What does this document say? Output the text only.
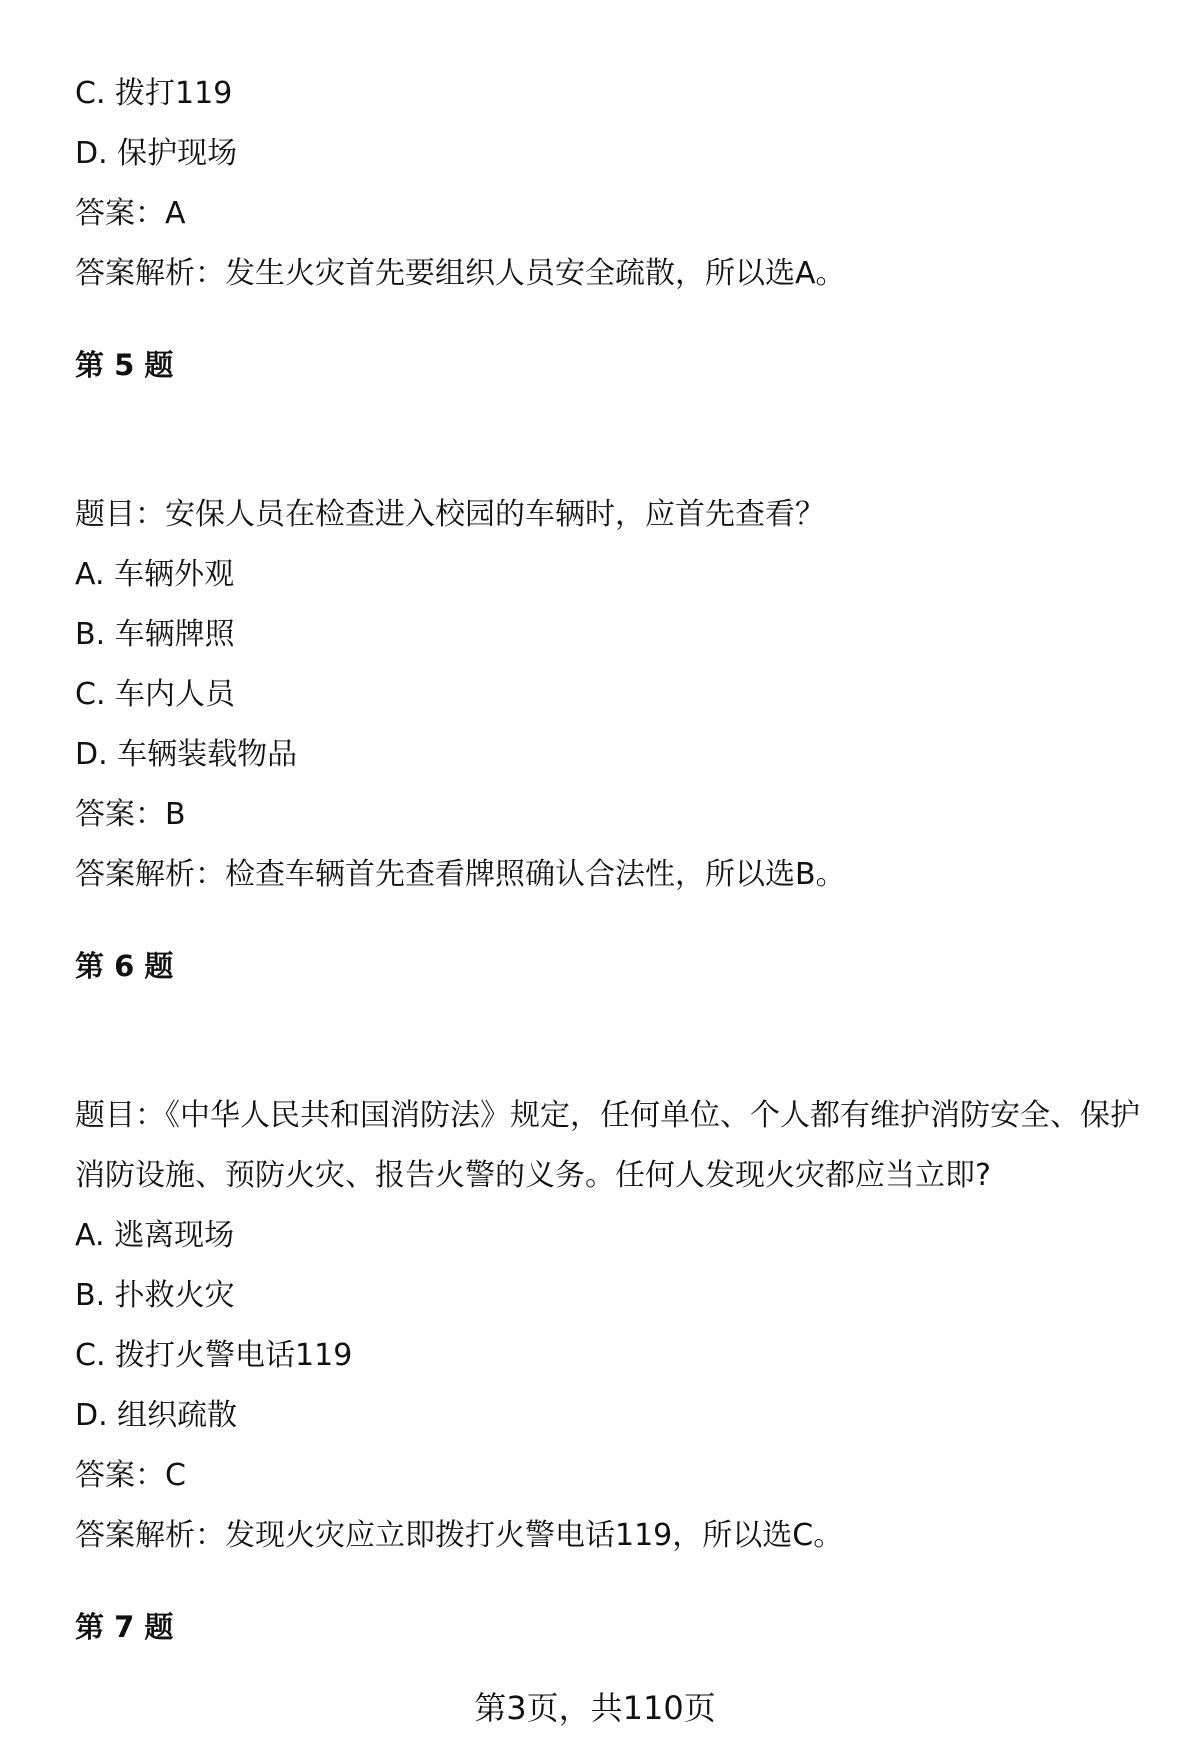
C. 拨打119
D. 保护现场
答案：A
答案解析：发生火灾首先要组织人员安全疏散，所以选A。
第 5 题
题目：安保人员在检查进入校园的车辆时，应首先查看？
A. 车辆外观
B. 车辆牌照
C. 车内人员
D. 车辆装载物品
答案：B
答案解析：检查车辆首先查看牌照确认合法性，所以选B。
第 6 题
题目：《中华人民共和国消防法》规定，任何单位、个人都有维护消防安全、保护
消防设施、预防火灾、报告火警的义务。任何人发现火灾都应当立即?
A. 逃离现场
B. 扑救火灾
C. 拨打火警电话119
D. 组织疏散
答案：C
答案解析：发现火灾应立即拨打火警电话119，所以选C。
第 7 题
第3页，共110页
